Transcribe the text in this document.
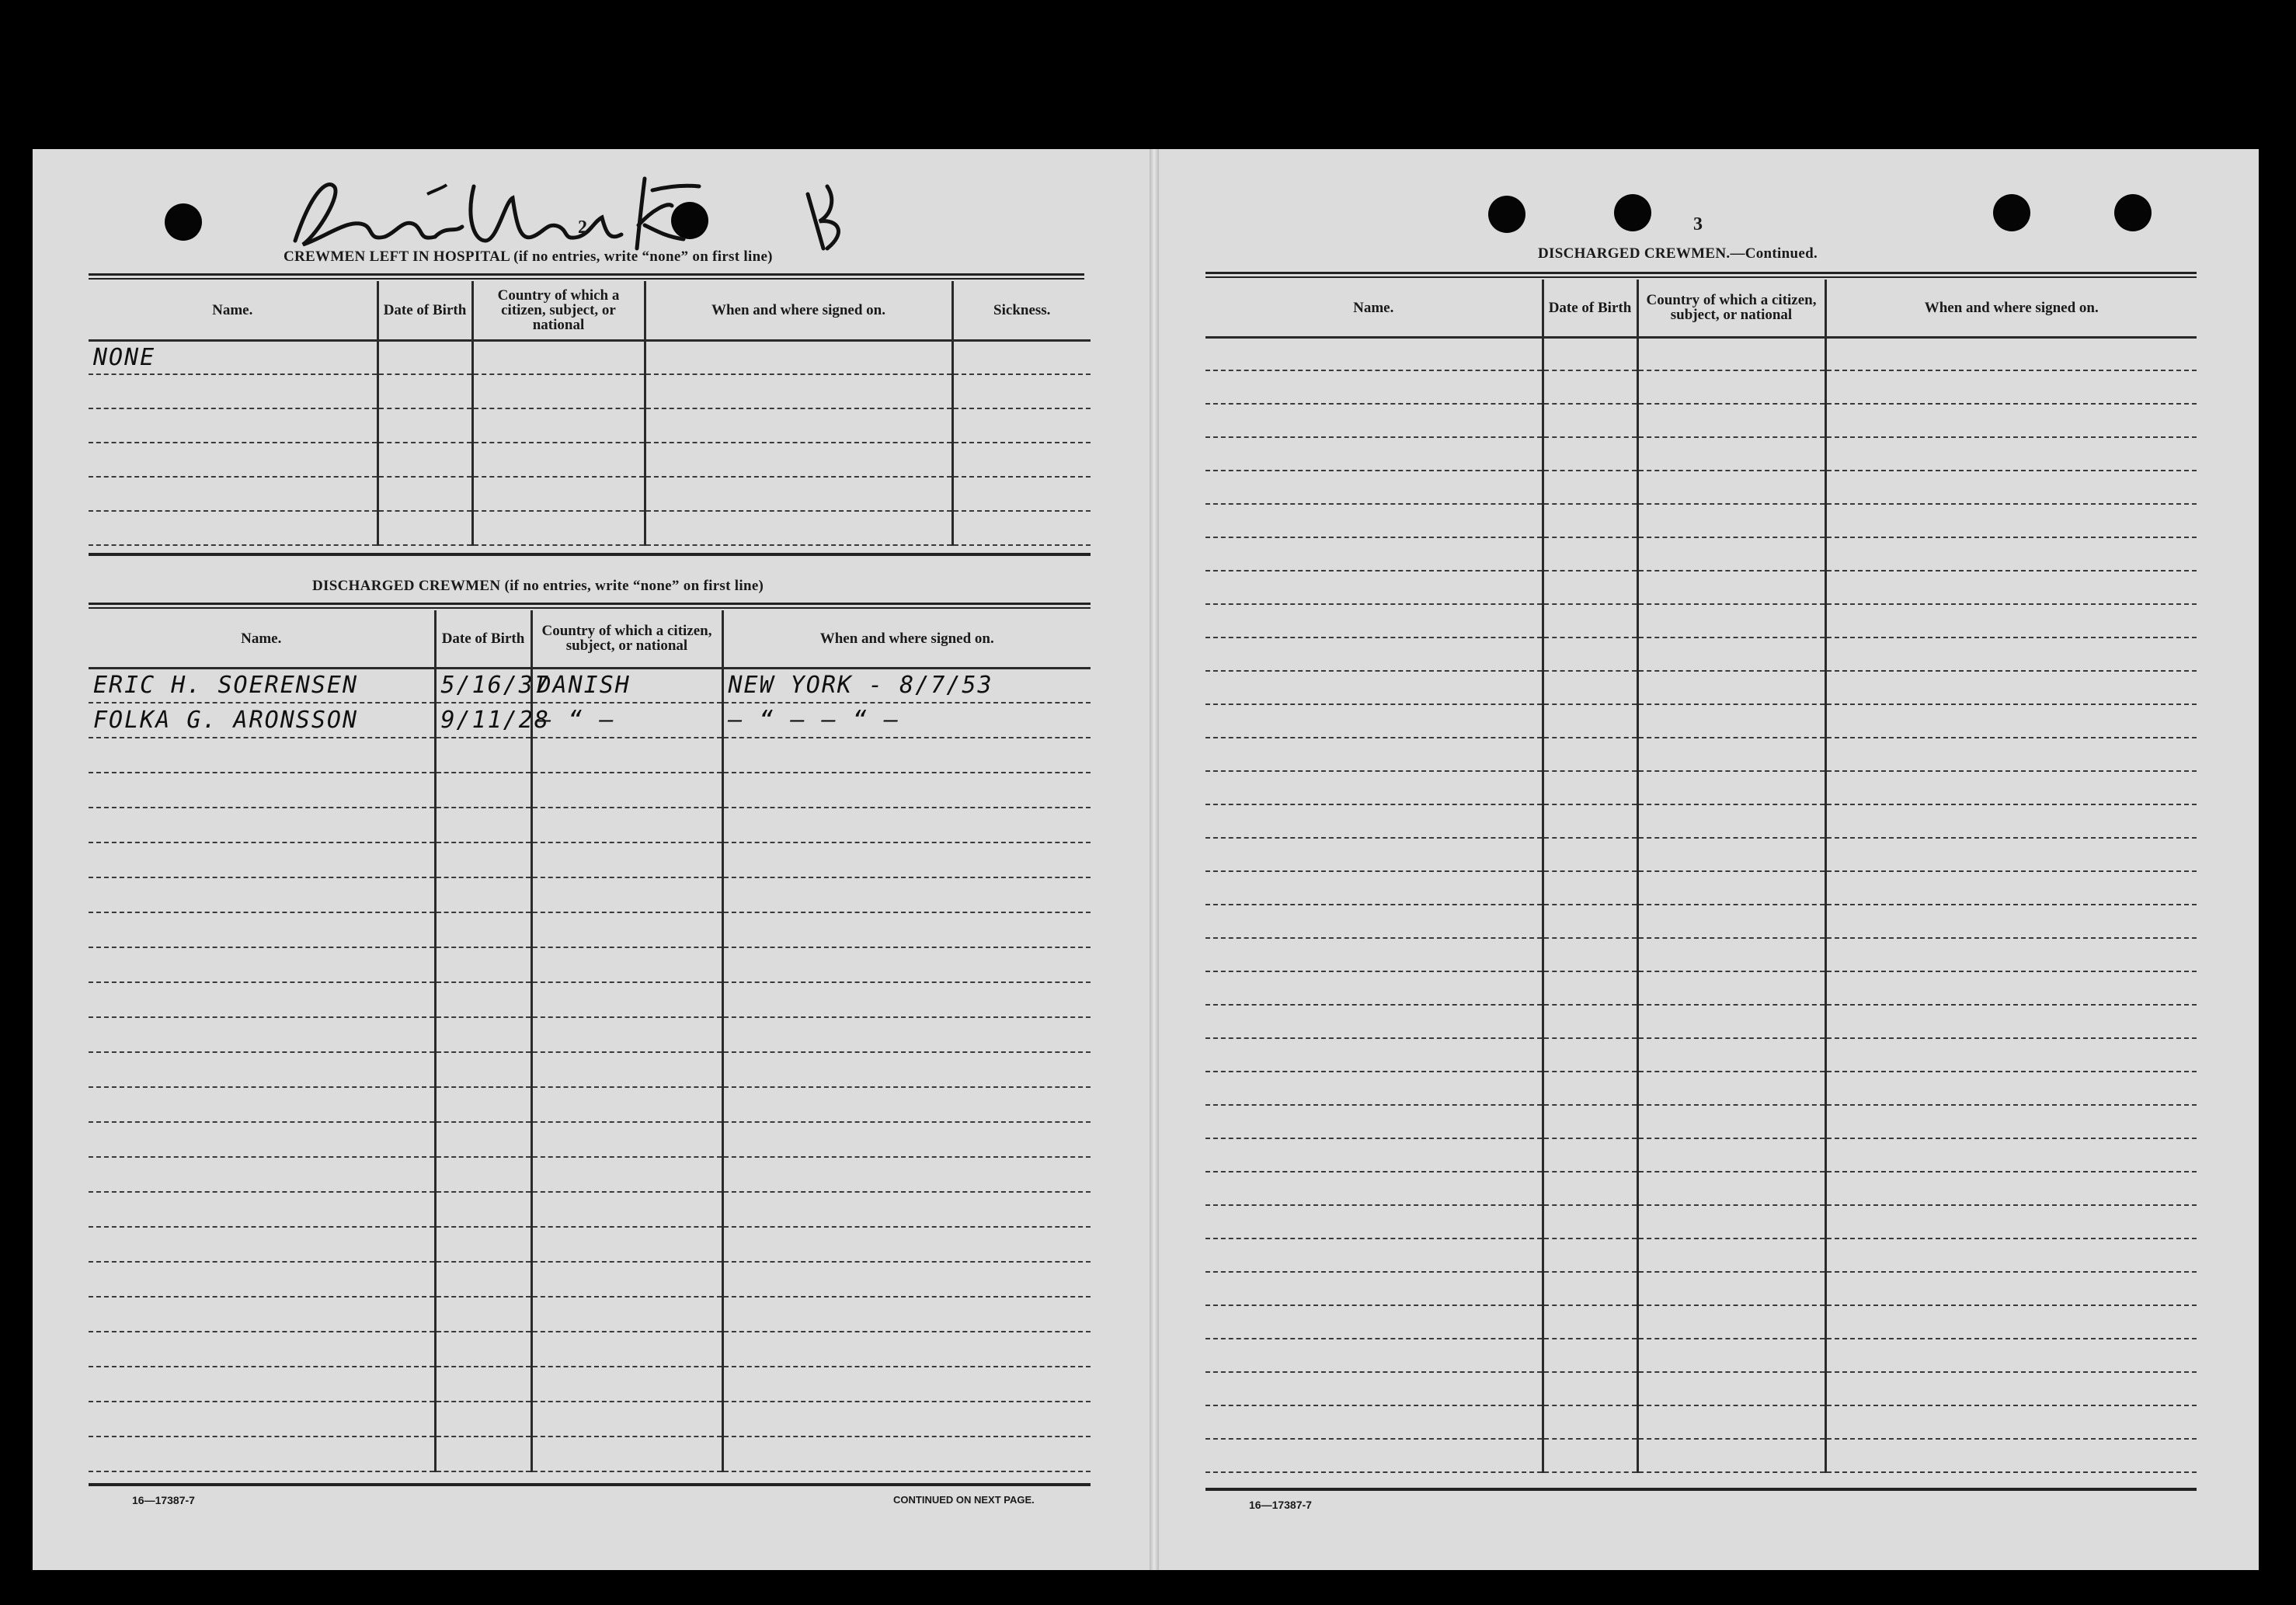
2
CREWMEN LEFT IN HOSPITAL (if no entries, write “none” on first line)
Name.	Date of Birth	Country of which a citizen, subject, or national	When and where signed on.	Sickness.
NONE				

DISCHARGED CREWMEN (if no entries, write “none” on first line)
Name.	Date of Birth	Country of which a citizen, subject, or national	When and where signed on.
ERIC H. SOERENSEN	5/16/37	DANISH	NEW YORK - 8/7/53
FOLKA G. ARONSSON	9/11/28	— “ —	— “ — — “ —

16—17387-7	CONTINUED ON NEXT PAGE.
3
DISCHARGED CREWMEN.—Continued.
Name.	Date of Birth	Country of which a citizen, subject, or national	When and where signed on.

16—17387-7
